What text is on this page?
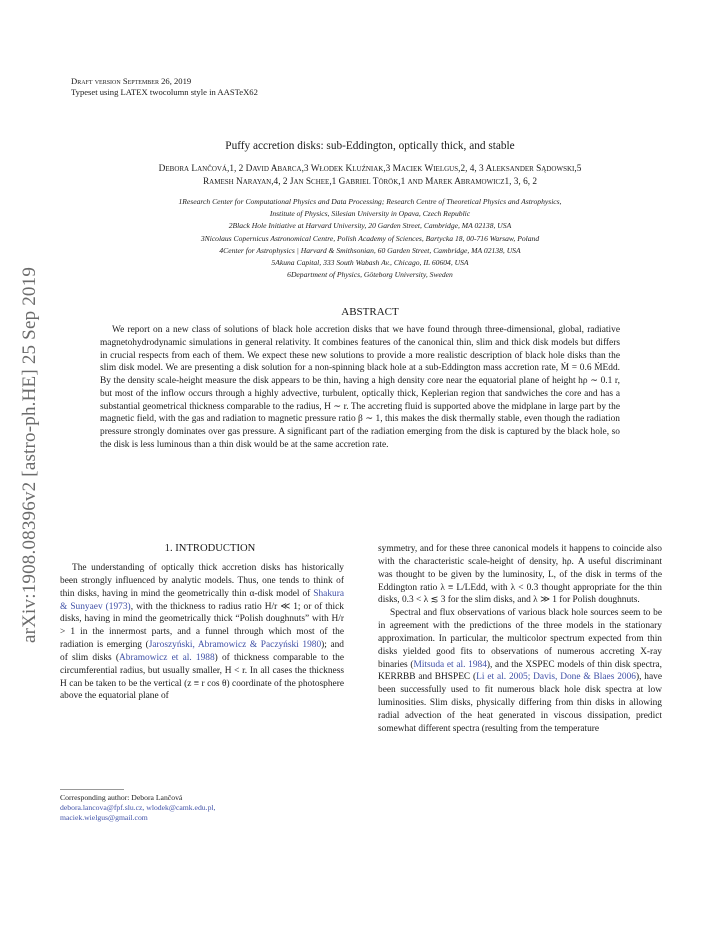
arXiv:1908.08396v2 [astro-ph.HE] 25 Sep 2019
Draft version September 26, 2019
Typeset using LATEX twocolumn style in AASTeX62
Puffy accretion disks: sub-Eddington, optically thick, and stable
Debora Lančová,1, 2 David Abarca,3 Włodek Kluźniak,3 Maciek Wielgus,2, 4, 3 Aleksander Sądowski,5
Ramesh Narayan,4, 2 Jan Schee,1 Gabriel Török,1 and Marek Abramowicz1, 3, 6, 2
1Research Center for Computational Physics and Data Processing; Research Centre of Theoretical Physics and Astrophysics,
Institute of Physics, Silesian University in Opava, Czech Republic
2Black Hole Initiative at Harvard University, 20 Garden Street, Cambridge, MA 02138, USA
3Nicolaus Copernicus Astronomical Centre, Polish Academy of Sciences, Bartycka 18, 00-716 Warsaw, Poland
4Center for Astrophysics | Harvard & Smithsonian, 60 Garden Street, Cambridge, MA 02138, USA
5Akuna Capital, 333 South Wabash Av., Chicago, IL 60604, USA
6Department of Physics, Göteborg University, Sweden
ABSTRACT

We report on a new class of solutions of black hole accretion disks that we have found through three-dimensional, global, radiative magnetohydrodynamic simulations in general relativity. It combines features of the canonical thin, slim and thick disk models but differs in crucial respects from each of them. We expect these new solutions to provide a more realistic description of black hole disks than the slim disk model. We are presenting a disk solution for a non-spinning black hole at a sub-Eddington mass accretion rate, Ṁ = 0.6 ṀEdd. By the density scale-height measure the disk appears to be thin, having a high density core near the equatorial plane of height hρ ∼ 0.1 r, but most of the inflow occurs through a highly advective, turbulent, optically thick, Keplerian region that sandwiches the core and has a substantial geometrical thickness comparable to the radius, H ∼ r. The accreting fluid is supported above the midplane in large part by the magnetic field, with the gas and radiation to magnetic pressure ratio β ∼ 1, this makes the disk thermally stable, even though the radiation pressure strongly dominates over gas pressure. A significant part of the radiation emerging from the disk is captured by the black hole, so the disk is less luminous than a thin disk would be at the same accretion rate.

1. INTRODUCTION

The understanding of optically thick accretion disks has historically been strongly influenced by analytic models. Thus, one tends to think of thin disks, having in mind the geometrically thin α-disk model of Shakura & Sunyaev (1973), with the thickness to radius ratio H/r ≪ 1; or of thick disks, having in mind the geometrically thick “Polish doughnuts” with H/r > 1 in the innermost parts, and a funnel through which most of the radiation is emerging (Jaroszyński, Abramowicz & Paczyński 1980); and of slim disks (Abramowicz et al. 1988) of thickness comparable to the circumferential radius, but usually smaller, H < r. In all cases the thickness H can be taken to be the vertical (z ≡ r cos θ) coordinate of the photosphere above the equatorial plane of

symmetry, and for these three canonical models it happens to coincide also with the characteristic scale-height of density, hρ. A useful discriminant was thought to be given by the luminosity, L, of the disk in terms of the Eddington ratio λ ≡ L/LEdd, with λ < 0.3 thought appropriate for the thin disks, 0.3 < λ ≲ 3 for the slim disks, and λ ≫ 1 for Polish doughnuts.

Spectral and flux observations of various black hole sources seem to be in agreement with the predictions of the three models in the stationary approximation. In particular, the multicolor spectrum expected from thin disks yielded good fits to observations of numerous accreting X-ray binaries (Mitsuda et al. 1984), and the XSPEC models of thin disk spectra, KERRBB and BHSPEC (Li et al. 2005; Davis, Done & Blaes 2006), have been successfully used to fit numerous black hole disk spectra at low luminosities. Slim disks, physically differing from thin disks in allowing radial advection of the heat generated in viscous dissipation, predict somewhat different spectra (resulting from the temperature

Corresponding author: Debora Lančová
debora.lancova@fpf.slu.cz, wlodek@camk.edu.pl,
maciek.wielgus@gmail.com
